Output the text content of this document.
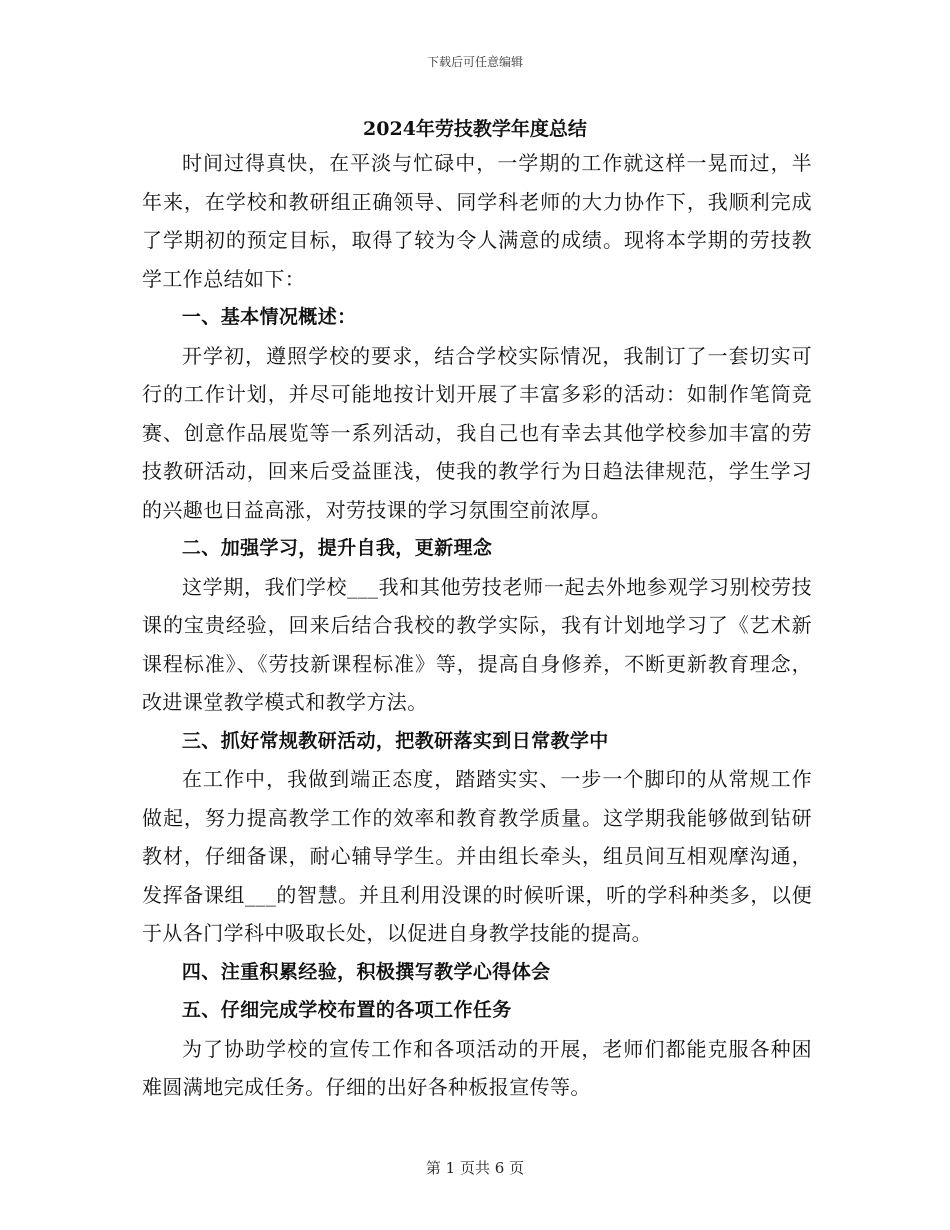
下载后可任意编辑
2024年劳技教学年度总结

时间过得真快，在平淡与忙碌中，一学期的工作就这样一晃而过，半年来，在学校和教研组正确领导、同学科老师的大力协作下，我顺利完成了学期初的预定目标，取得了较为令人满意的成绩。现将本学期的劳技教学工作总结如下：

一、基本情况概述：

开学初，遵照学校的要求，结合学校实际情况，我制订了一套切实可行的工作计划，并尽可能地按计划开展了丰富多彩的活动：如制作笔筒竞赛、创意作品展览等一系列活动，我自己也有幸去其他学校参加丰富的劳技教研活动，回来后受益匪浅，使我的教学行为日趋法律规范，学生学习的兴趣也日益高涨，对劳技课的学习氛围空前浓厚。

二、加强学习，提升自我，更新理念

这学期，我们学校___我和其他劳技老师一起去外地参观学习别校劳技课的宝贵经验，回来后结合我校的教学实际，我有计划地学习了《艺术新课程标准》、《劳技新课程标准》等，提高自身修养，不断更新教育理念，改进课堂教学模式和教学方法。

三、抓好常规教研活动，把教研落实到日常教学中

在工作中，我做到端正态度，踏踏实实、一步一个脚印的从常规工作做起，努力提高教学工作的效率和教育教学质量。这学期我能够做到钻研教材，仔细备课，耐心辅导学生。并由组长牵头，组员间互相观摩沟通，发挥备课组___的智慧。并且利用没课的时候听课，听的学科种类多，以便于从各门学科中吸取长处，以促进自身教学技能的提高。

四、注重积累经验，积极撰写教学心得体会

五、仔细完成学校布置的各项工作任务

为了协助学校的宣传工作和各项活动的开展，老师们都能克服各种困难圆满地完成任务。仔细的出好各种板报宣传等。

第 1 页共 6 页
